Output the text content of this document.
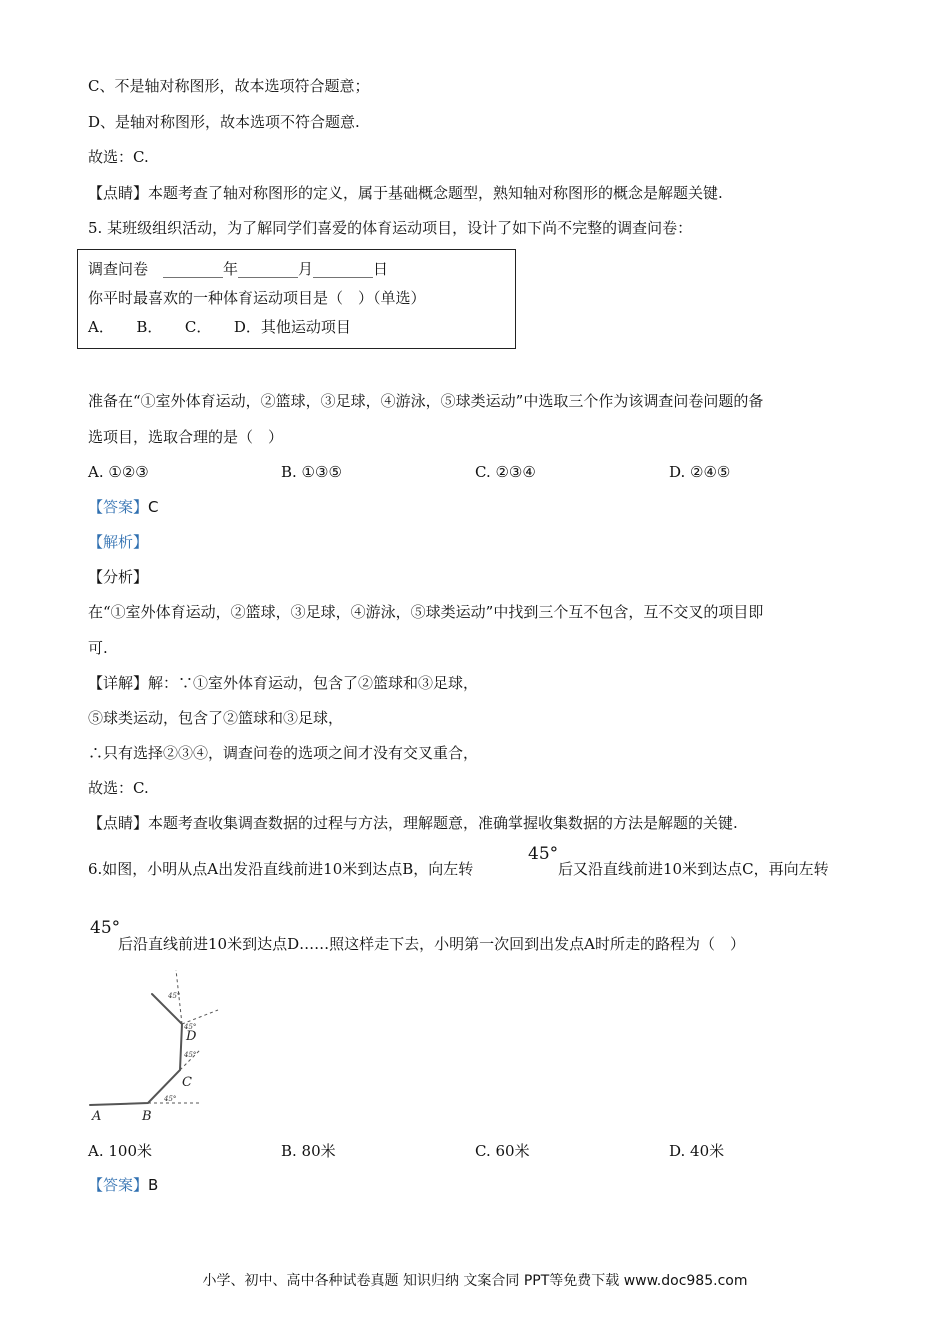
C、不是轴对称图形，故本选项符合题意；
D、是轴对称图形，故本选项不符合题意.
故选：C.
【点睛】本题考查了轴对称图形的定义，属于基础概念题型，熟知轴对称图形的概念是解题关键.
5. 某班级组织活动，为了解同学们喜爱的体育运动项目，设计了如下尚不完整的调查问卷：
调查问卷　________年________月________日
你平时最喜欢的一种体育运动项目是（　）（单选）
A．　　B．　　C．　　D．其他运动项目
准备在“①室外体育运动，②篮球，③足球，④游泳，⑤球类运动”中选取三个作为该调查问卷问题的备
选项目，选取合理的是（　）
A. ①②③	B. ①③⑤	C. ②③④	D. ②④⑤
【答案】C
【解析】
【分析】
在“①室外体育运动，②篮球，③足球，④游泳，⑤球类运动”中找到三个互不包含，互不交叉的项目即
可.
【详解】解：∵①室外体育运动，包含了②篮球和③足球，
⑤球类运动，包含了②篮球和③足球，
∴只有选择②③④，调查问卷的选项之间才没有交叉重合，
故选：C.
【点睛】本题考查收集调查数据的过程与方法，理解题意，准确掌握收集数据的方法是解题的关键.
6.如图，小明从点A出发沿直线前进10米到达点B，向左转
45°
后又沿直线前进10米到达点C，再向左转
45°
后沿直线前进10米到达点D……照这样走下去，小明第一次回到出发点A时所走的路程为（　）
45°
45°
45°
45°
A	B
C
D
A. 100米	B. 80米	C. 60米	D. 40米
【答案】B
小学、初中、高中各种试卷真题 知识归纳 文案合同 PPT等免费下载 www.doc985.com
